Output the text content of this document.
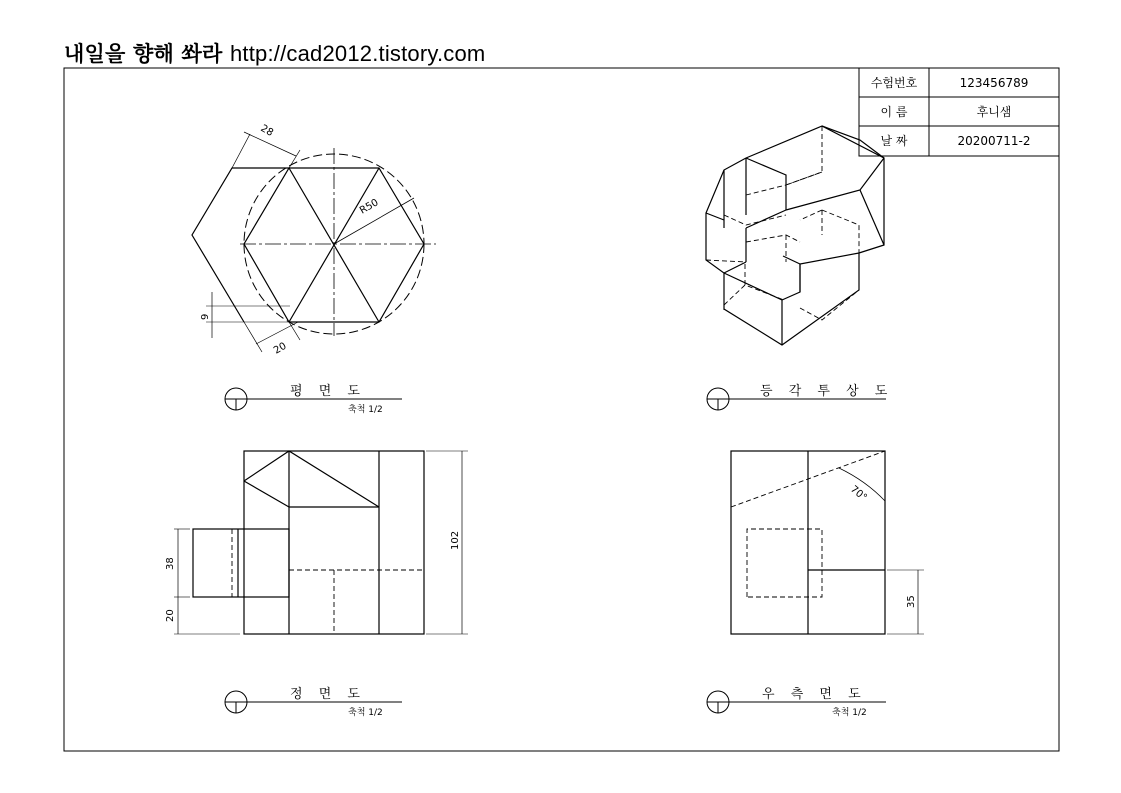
내일을 향해 쏴라 http://cad2012.tistory.com
수험번호	123456789
이 름	후니샘
날 짜	20200711-2
R50
28
9
20
평 면 도
축척 1/2
등 각 투 상 도
38
20
102
정 면 도
축척 1/2
70°
35
우 측 면 도
축척 1/2
